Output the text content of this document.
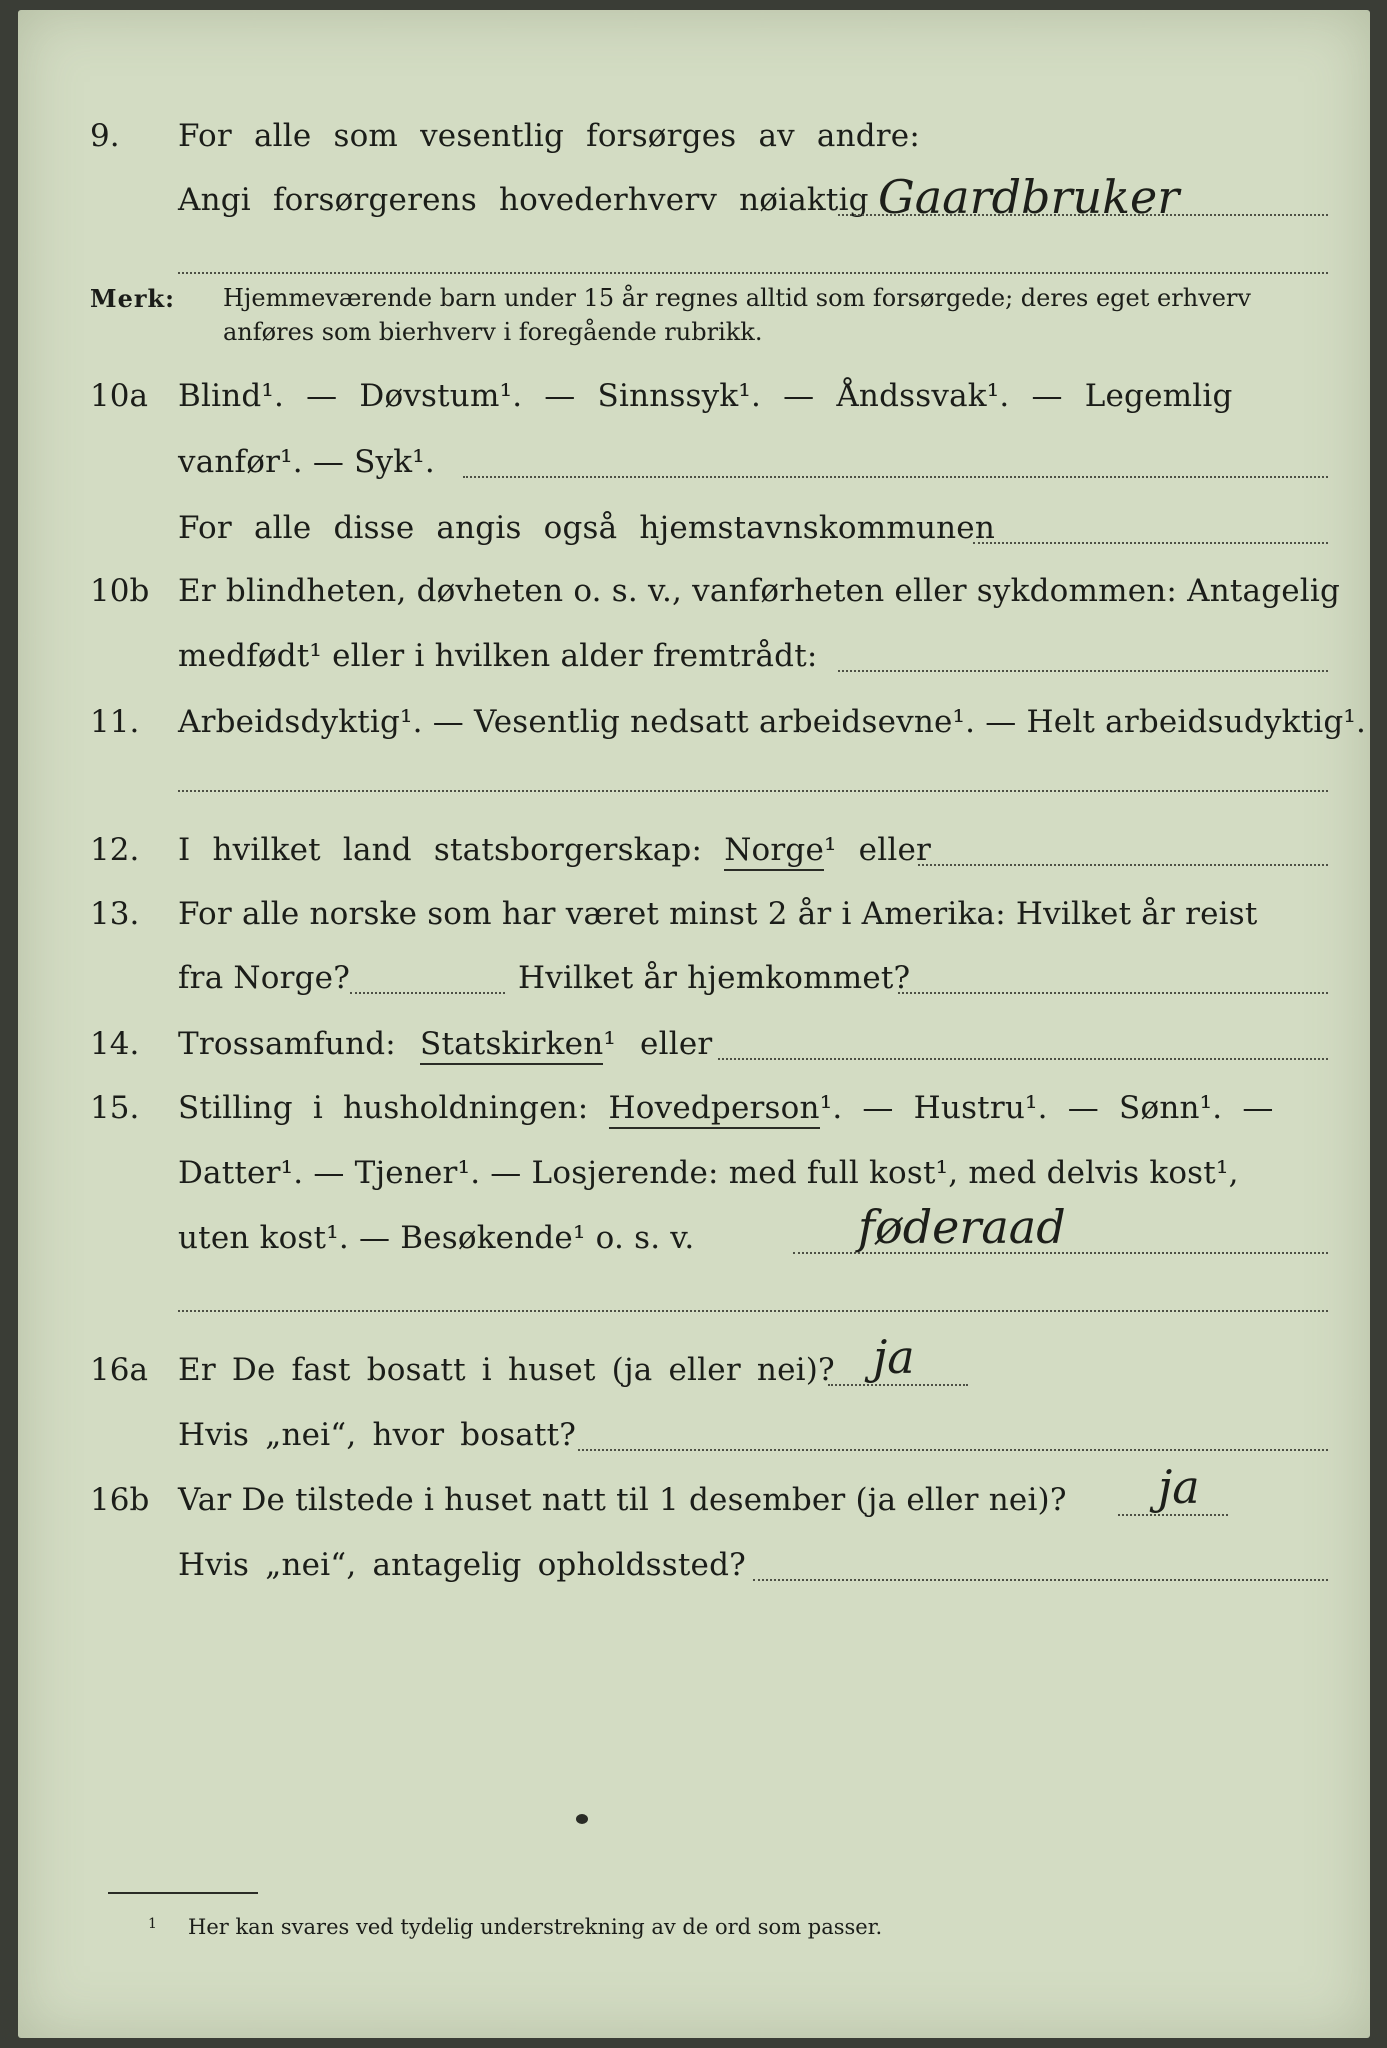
9. For alle som vesentlig forsørges av andre:
Angi forsørgerens hovederhverv nøiaktig Gaardbruker
Merk: Hjemmeværende barn under 15 år regnes alltid som forsørgede; deres eget erhverv
anføres som bierhverv i foregående rubrikk.
10a Blind¹. — Døvstum¹. — Sinnssyk¹. — Åndssvak¹. — Legemlig
vanfør¹. — Syk¹.
For alle disse angis også hjemstavnskommunen
10b Er blindheten, døvheten o. s. v., vanførheten eller sykdommen: Antagelig
medfødt¹ eller i hvilken alder fremtrådt:
11. Arbeidsdyktig¹. — Vesentlig nedsatt arbeidsevne¹. — Helt arbeidsudyktig¹.
12. I hvilket land statsborgerskap: Norge¹ eller
13. For alle norske som har været minst 2 år i Amerika: Hvilket år reist
fra Norge?	Hvilket år hjemkommet?
14. Trossamfund: Statskirken¹ eller
15. Stilling i husholdningen: Hovedperson¹. — Hustru¹. — Sønn¹. —
Datter¹. — Tjener¹. — Losjerende: med full kost¹, med delvis kost¹,
uten kost¹. — Besøkende¹ o. s. v.	føderaad
16a Er De fast bosatt i huset (ja eller nei)? ja
Hvis „nei“, hvor bosatt?
16b Var De tilstede i huset natt til 1 desember (ja eller nei)? ja
Hvis „nei“, antagelig opholdssted?
1 Her kan svares ved tydelig understrekning av de ord som passer.
